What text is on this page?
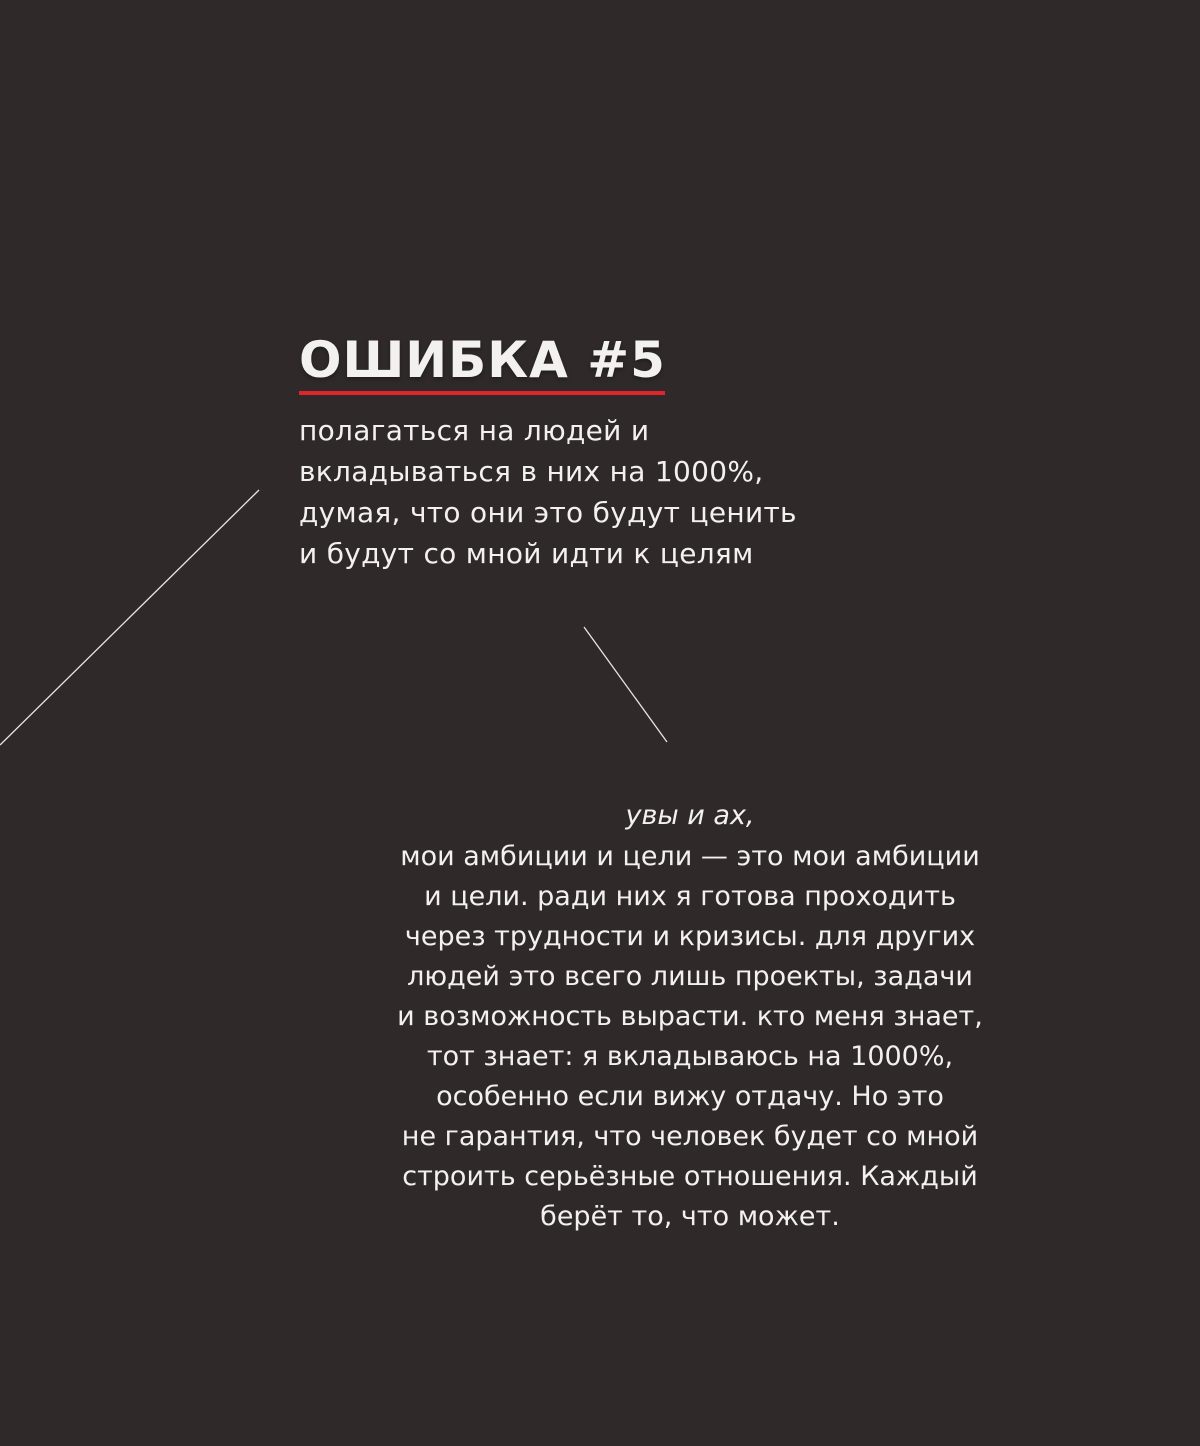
ОШИБКА #5

полагаться на людей и
вкладываться в них на 1000%,
думая, что они это будут ценить
и будут со мной идти к целям

увы и ах,

мои амбиции и цели — это мои амбиции
и цели. ради них я готова проходить
через трудности и кризисы. для других
людей это всего лишь проекты, задачи
и возможность вырасти. кто меня знает,
тот знает: я вкладываюсь на 1000%,
особенно если вижу отдачу. Но это
не гарантия, что человек будет со мной
строить серьёзные отношения. Каждый
берёт то, что может.
